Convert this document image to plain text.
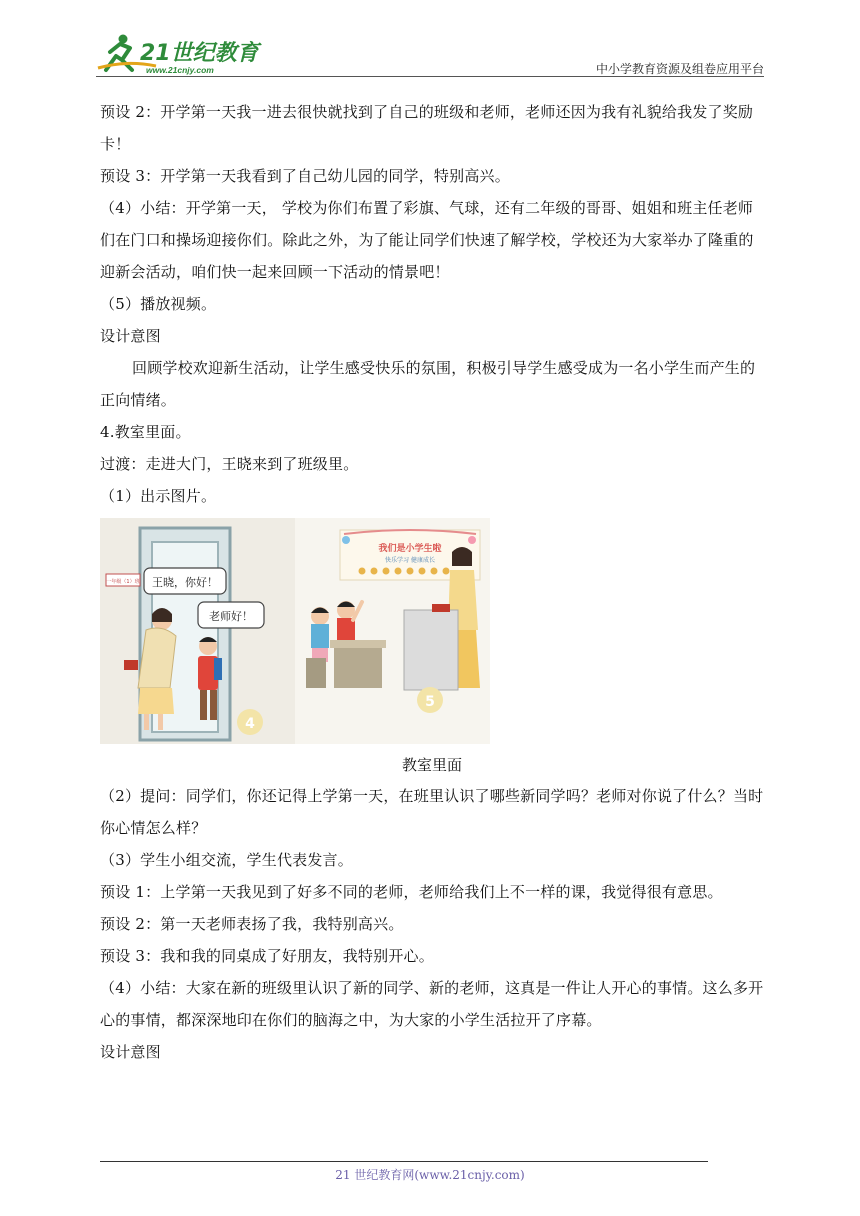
21世纪教育
www.21cnjy.com	中小学教育资源及组卷应用平台

预设 2：开学第一天我一进去很快就找到了自己的班级和老师，老师还因为我有礼貌给我发了奖励卡！

预设 3：开学第一天我看到了自己幼儿园的同学，特别高兴。

（4）小结：开学第一天， 学校为你们布置了彩旗、气球，还有二年级的哥哥、姐姐和班主任老师们在门口和操场迎接你们。除此之外，为了能让同学们快速了解学校，学校还为大家举办了隆重的迎新会活动，咱们快一起来回顾一下活动的情景吧！

（5）播放视频。

设计意图

回顾学校欢迎新生活动，让学生感受快乐的氛围，积极引导学生感受成为一名小学生而产生的正向情绪。

4.教室里面。

过渡：走进大门，王晓来到了班级里。

（1）出示图片。

一年级（1）班 王晓，你好！
老师好！
4
我们是小学生啦
快乐学习 健康成长
5

教室里面

（2）提问：同学们，你还记得上学第一天，在班里认识了哪些新同学吗？老师对你说了什么？当时你心情怎么样？

（3）学生小组交流，学生代表发言。

预设 1：上学第一天我见到了好多不同的老师，老师给我们上不一样的课，我觉得很有意思。

预设 2：第一天老师表扬了我，我特别高兴。

预设 3：我和我的同桌成了好朋友，我特别开心。

（4）小结：大家在新的班级里认识了新的同学、新的老师，这真是一件让人开心的事情。这么多开心的事情，都深深地印在你们的脑海之中，为大家的小学生活拉开了序幕。

设计意图

21 世纪教育网(www.21cnjy.com)
